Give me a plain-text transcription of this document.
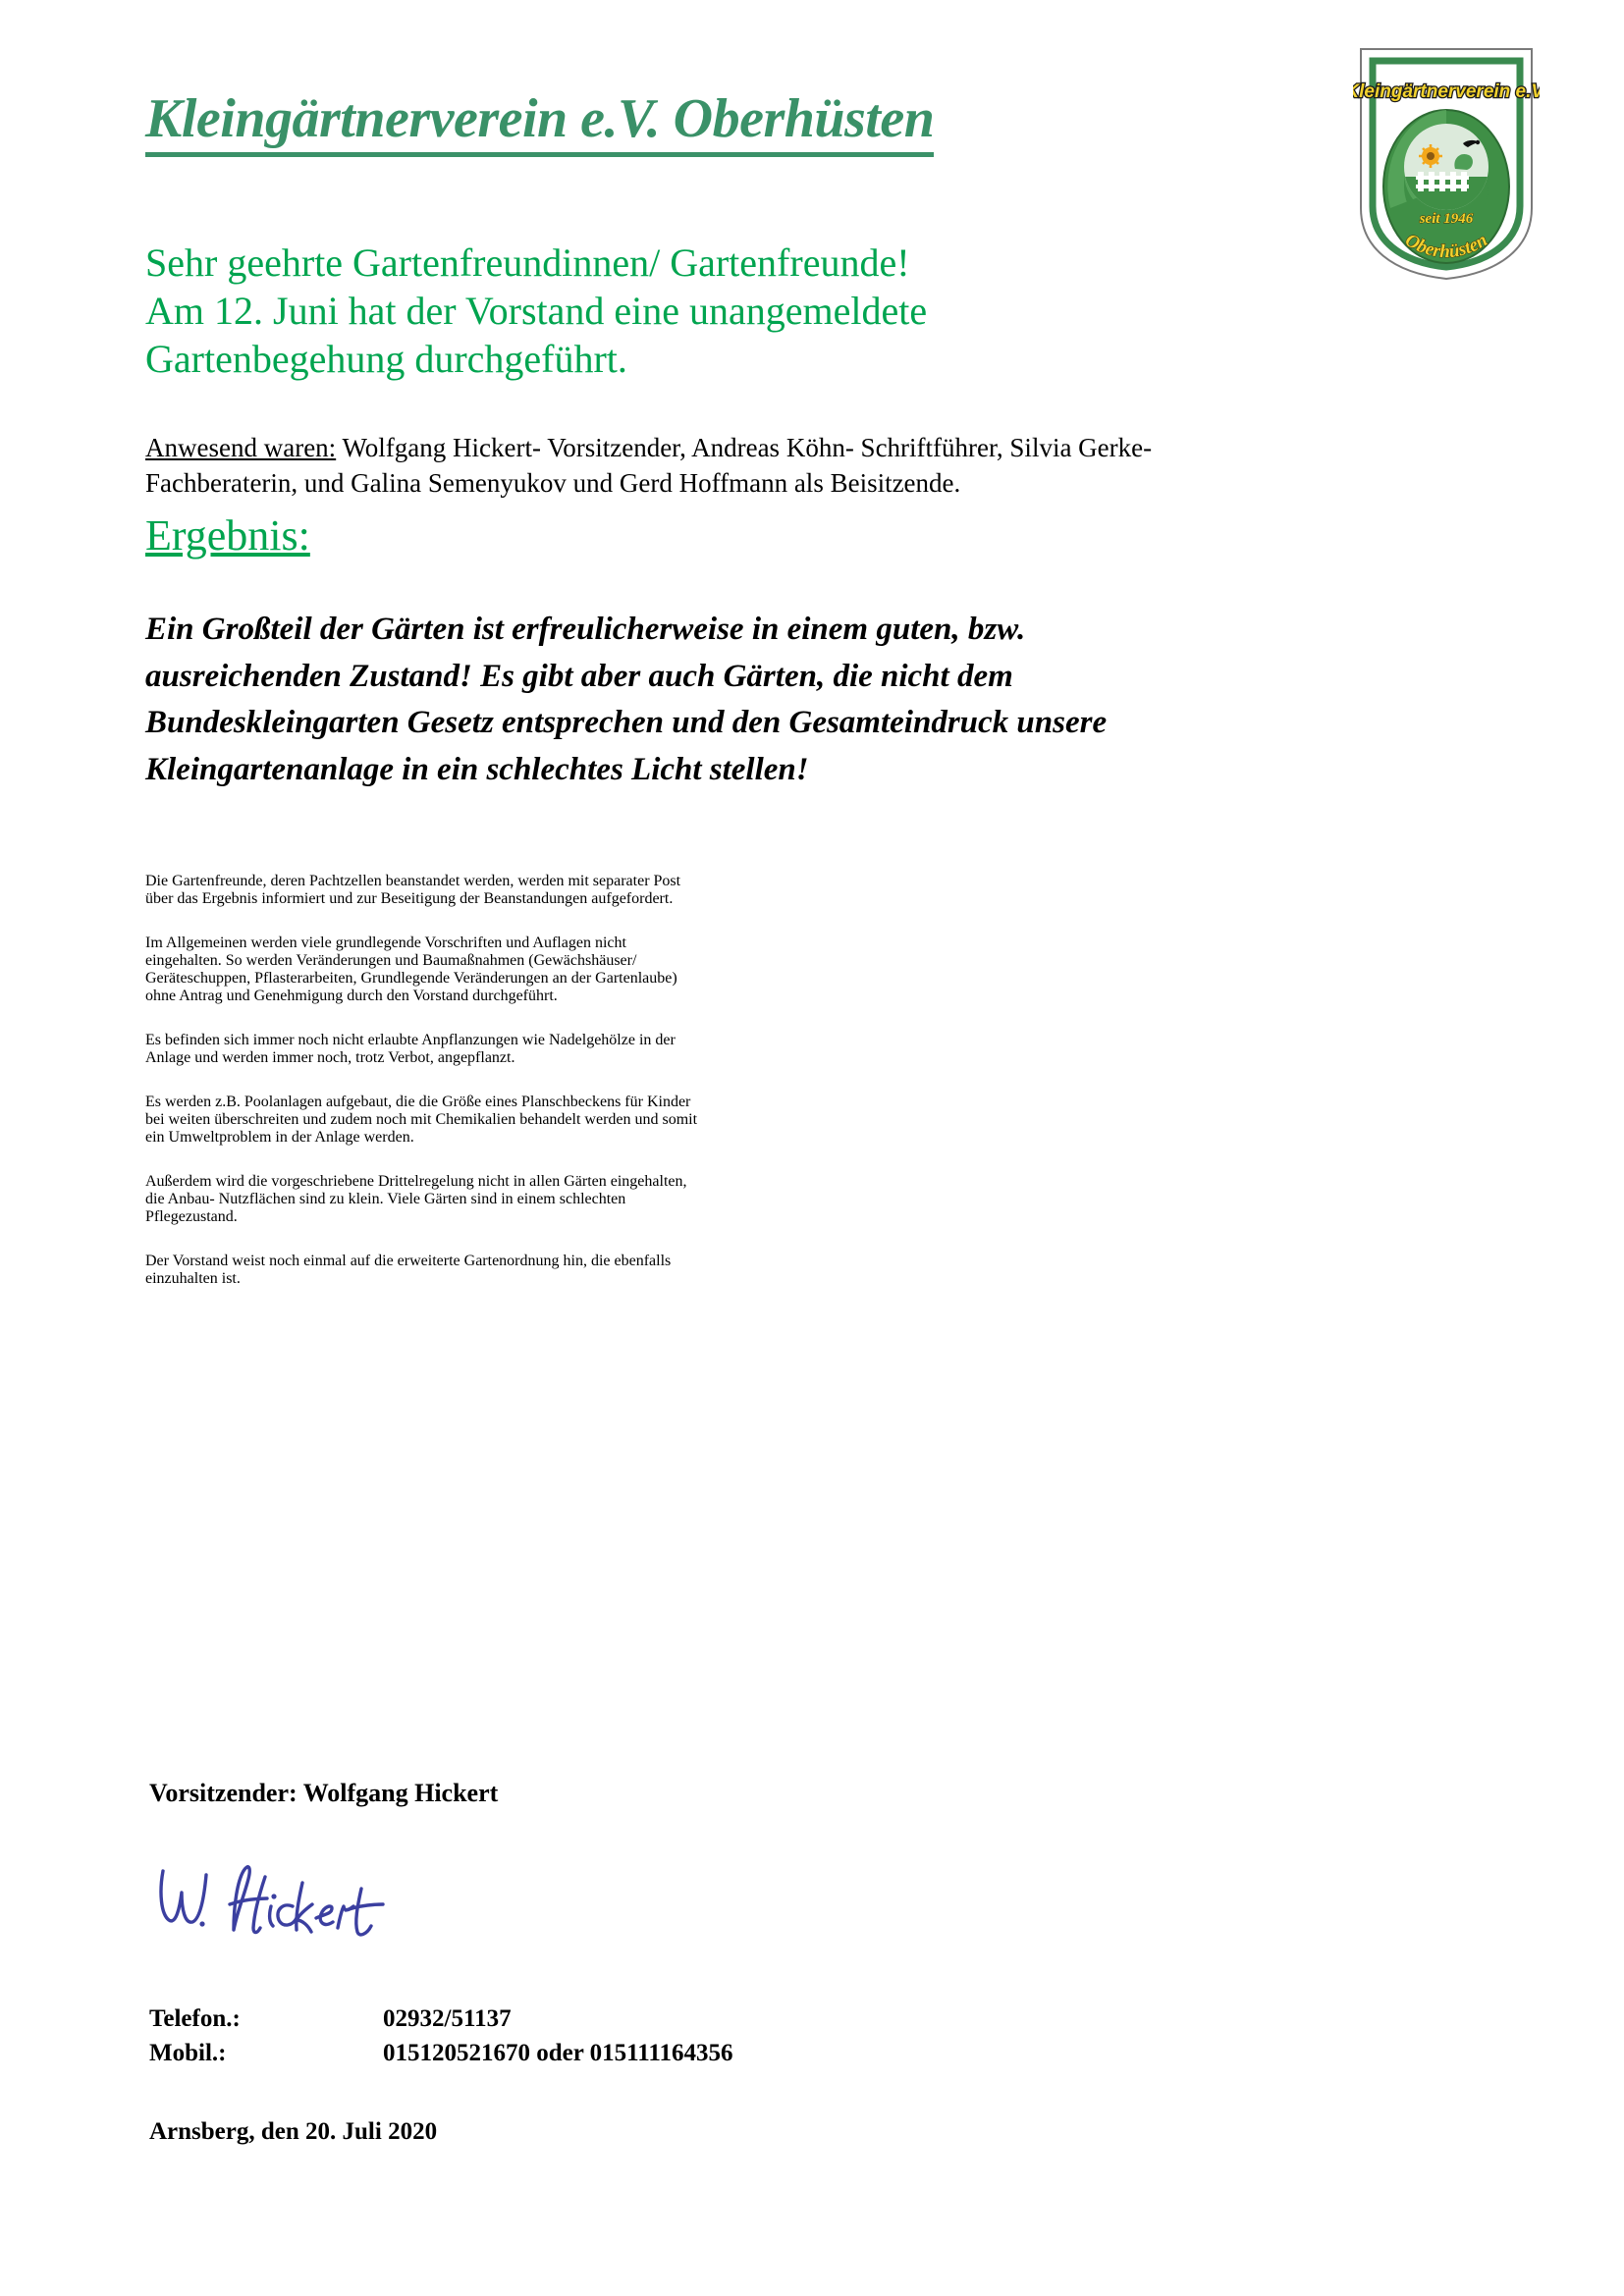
Kleingärtnerverein e.V. Oberhüsten	Kleingärtnerverein e.V.
seit 1946
Oberhüsten
Sehr geehrte Gartenfreundinnen/ Gartenfreunde!
Am 12. Juni hat der Vorstand eine unangemeldete
Gartenbegehung durchgeführt.
Anwesend waren: Wolfgang Hickert- Vorsitzender, Andreas Köhn- Schriftführer, Silvia Gerke-
Fachberaterin, und Galina Semenyukov und Gerd Hoffmann als Beisitzende.
Ergebnis:
Ein Großteil der Gärten ist erfreulicherweise in einem guten, bzw.
ausreichenden Zustand! Es gibt aber auch Gärten, die nicht dem
Bundeskleingarten Gesetz entsprechen und den Gesamteindruck unsere
Kleingartenanlage in ein schlechtes Licht stellen!

Die Gartenfreunde, deren Pachtzellen beanstandet werden, werden mit separater Post
über das Ergebnis informiert und zur Beseitigung der Beanstandungen aufgefordert.

Im Allgemeinen werden viele grundlegende Vorschriften und Auflagen nicht
eingehalten. So werden Veränderungen und Baumaßnahmen (Gewächshäuser/
Geräteschuppen, Pflasterarbeiten, Grundlegende Veränderungen an der Gartenlaube)
ohne Antrag und Genehmigung durch den Vorstand durchgeführt.

Es befinden sich immer noch nicht erlaubte Anpflanzungen wie Nadelgehölze in der
Anlage und werden immer noch, trotz Verbot, angepflanzt.

Es werden z.B. Poolanlagen aufgebaut, die die Größe eines Planschbeckens für Kinder
bei weiten überschreiten und zudem noch mit Chemikalien behandelt werden und somit
ein Umweltproblem in der Anlage werden.

Außerdem wird die vorgeschriebene Drittelregelung nicht in allen Gärten eingehalten,
die Anbau- Nutzflächen sind zu klein. Viele Gärten sind in einem schlechten
Pflegezustand.

Der Vorstand weist noch einmal auf die erweiterte Gartenordnung hin, die ebenfalls
einzuhalten ist.

Vorsitzender: Wolfgang Hickert
Telefon.:	02932/51137
Mobil.:	015120521670 oder 015111164356
Arnsberg, den 20. Juli 2020
